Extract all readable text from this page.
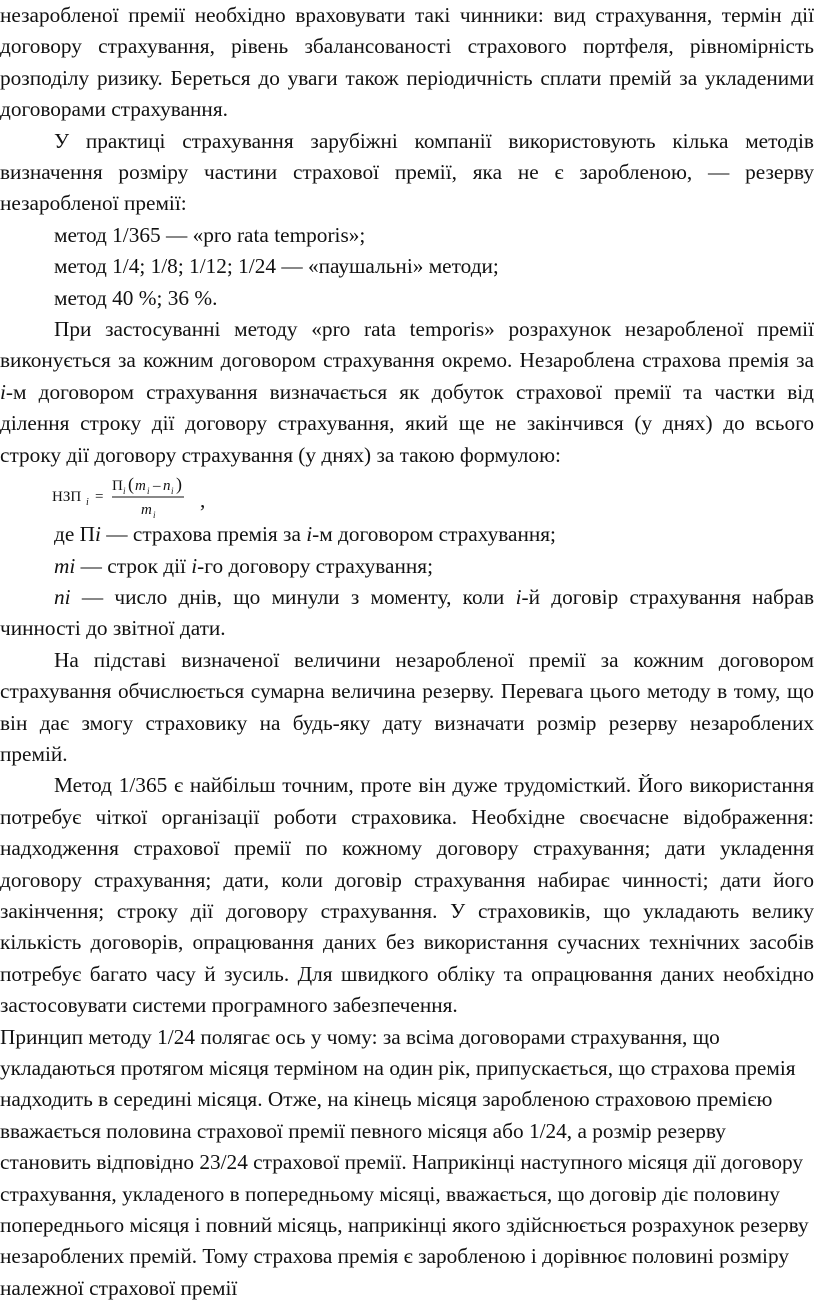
незаробленої премії необхідно враховувати такі чинники: вид страхування, термін дії договору страхування, рівень збалансованості страхового портфеля, рівномірність розподілу ризику. Береться до уваги також періодичність сплати премій за укладеними договорами страхування.

У практиці страхування зарубіжні компанії використовують кілька методів визначення розміру частини страхової премії, яка не є заробленою, — резерву незаробленої премії:

метод 1/365 — «pro rata temporis»;

метод 1/4; 1/8; 1/12; 1/24 — «паушальні» методи;

метод 40 %; 36 %.

При застосуванні методу «pro rata temporis» розрахунок незаробленої премії виконується за кожним договором страхування окремо. Незароблена страхова премія за i-м договором страхування визначається як добуток страхової премії та частки від ділення строку дії договору страхування, який ще не закінчився (у днях) до всього строку дії договору страхування (у днях) за такою формулою:

НЗП i =
П i ( m i – n i )
m i
,

де Пi — страхова премія за i-м договором страхування;

mi — строк дії i-го договору страхування;

ni — число днів, що минули з моменту, коли i-й договір страхування набрав чинності до звітної дати.

На підставі визначеної величини незаробленої премії за кожним договором страхування обчислюється сумарна величина резерву. Перевага цього методу в тому, що він дає змогу страховику на будь-яку дату визначати розмір резерву незароблених премій.

Метод 1/365 є найбільш точним, проте він дуже трудомісткий. Його використання потребує чіткої організації роботи страховика. Необхідне своєчасне відображення: надходження страхової премії по кожному договору страхування; дати укладення договору страхування; дати, коли договір страхування набирає чинності; дати його закінчення; строку дії договору страхування. У страховиків, що укладають велику кількість договорів, опрацювання даних без використання сучасних технічних засобів потребує багато часу й зусиль. Для швидкого обліку та опрацювання даних необхідно застосовувати системи програмного забезпечення.

Принцип методу 1/24 полягає ось у чому: за всіма договорами страхування, що укладаються протягом місяця терміном на один рік, припускається, що страхова премія надходить в середині місяця. Отже, на кінець місяця заробленою страховою премією вважається половина страхової премії певного місяця або 1/24, а розмір резерву становить відповідно 23/24 страхової премії. Наприкінці наступного місяця дії договору страхування, укладеного в попередньому місяці, вважається, що договір діє половину попереднього місяця і повний місяць, наприкінці якого здійснюється розрахунок резерву незароблених премій. Тому страхова премія є заробленою і дорівнює половині розміру належної страхової премії
